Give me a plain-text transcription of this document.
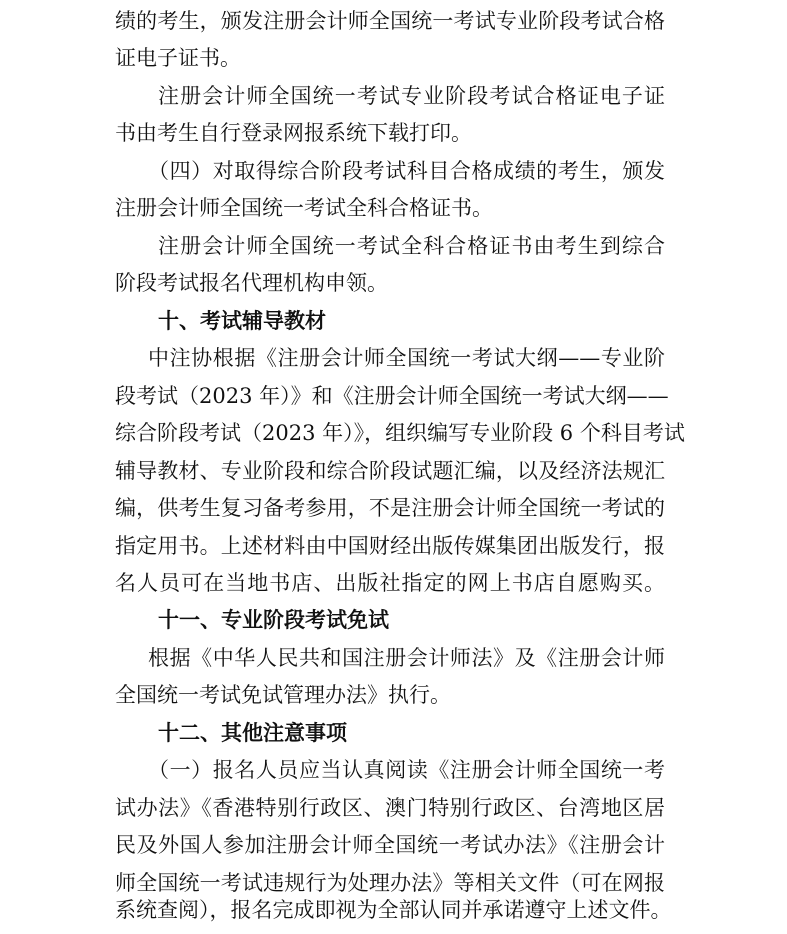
绩的考生，颁发注册会计师全国统一考试专业阶段考试合格
证电子证书。
注册会计师全国统一考试专业阶段考试合格证电子证
书由考生自行登录网报系统下载打印。
（四）对取得综合阶段考试科目合格成绩的考生，颁发
注册会计师全国统一考试全科合格证书。
注册会计师全国统一考试全科合格证书由考生到综合
阶段考试报名代理机构申领。
十、考试辅导教材
中注协根据《注册会计师全国统一考试大纲——专业阶
段考试（2023 年）》和《注册会计师全国统一考试大纲——
综合阶段考试（2023 年）》，组织编写专业阶段 6 个科目考试
辅导教材、专业阶段和综合阶段试题汇编，以及经济法规汇
编，供考生复习备考参用，不是注册会计师全国统一考试的
指定用书。上述材料由中国财经出版传媒集团出版发行，报
名人员可在当地书店、出版社指定的网上书店自愿购买。
十一、专业阶段考试免试
根据《中华人民共和国注册会计师法》及《注册会计师
全国统一考试免试管理办法》执行。
十二、其他注意事项
（一）报名人员应当认真阅读《注册会计师全国统一考
试办法》《香港特别行政区、澳门特别行政区、台湾地区居
民及外国人参加注册会计师全国统一考试办法》《注册会计
师全国统一考试违规行为处理办法》等相关文件（可在网报
系统查阅），报名完成即视为全部认同并承诺遵守上述文件。
